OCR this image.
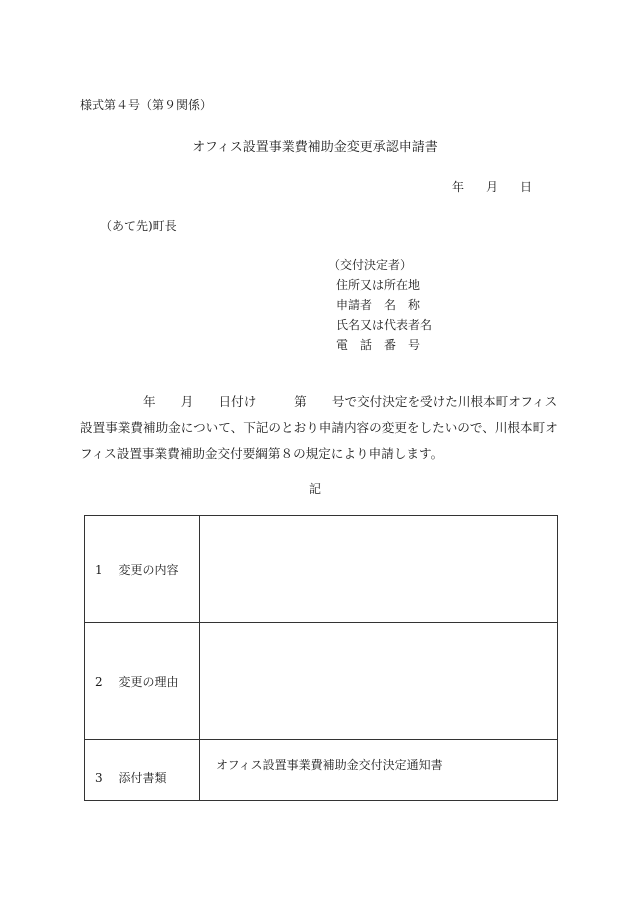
様式第４号（第９関係）
オフィス設置事業費補助金変更承認申請書
年 月 日
（あて先)町長
（交付決定者）
住所又は所在地
申請者　名　称
氏名又は代表者名
電　話　番　号
　　　　　年　　月　　日付け　　　第　　号で交付決定を受けた川根本町オフィス設置事業費補助金について、下記のとおり申請内容の変更をしたいので、川根本町オフィス設置事業費補助金交付要綱第８の規定により申請します。
記
1　 変更の内容	
2　 変更の理由	
3　 添付書類	オフィス設置事業費補助金交付決定通知書
